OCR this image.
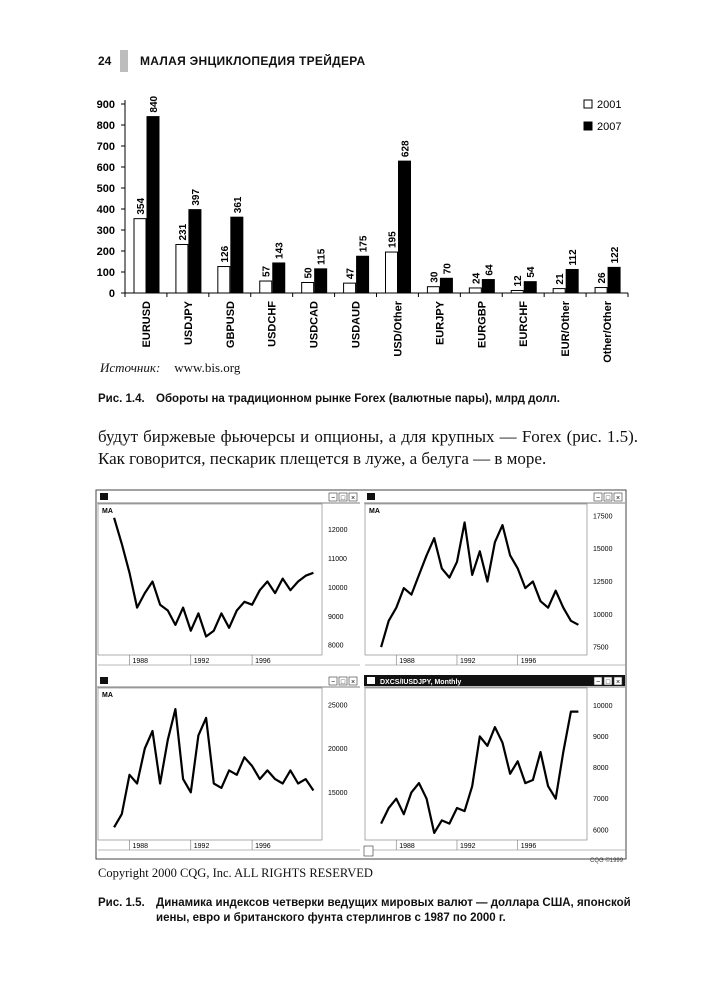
24 МАЛАЯ ЭНЦИКЛОПЕДИЯ ТРЕЙДЕРА
0
100
200
300
400
500
600
700
800
900
354
840
EURUSD
231
397
USDJPY
126
361
GBPUSD
57
143
USDCHF
50
115
USDCAD
47
175
USDAUD
195
628
USD/Other
30
70
EURJPY
24
64
EURGBP
12
54
EURCHF
21
112
EUR/Other
26
122
Other/Other
2001
2007
Источник: www.bis.org
Рис. 1.4. Обороты на традиционном рынке Forex (валютные пары), млрд долл.
будут биржевые фьючерсы и опционы, а для крупных — Forex (рис. 1.5). Как говорится, пескарик плещется в луже, а белуга — в море.
− □ ×
MA
12000
11000
10000
9000
8000
1988	1992	1996
− □ ×
MA
17500
15000
12500
10000
7500
1988	1992	1996
− □ ×
MA
25000
20000
15000
1988	1992	1996
DXCS/IUSDJPY, Monthly	− □ ×
10000
9000
8000
7000
6000
1988	1992	1996
CQG ©1999
Copyright 2000 CQG, Inc. ALL RIGHTS RESERVED
Рис. 1.5. Динамика индексов четверки ведущих мировых валют — доллара США, японской иены, евро и британского фунта стерлингов с 1987 по 2000 г.
